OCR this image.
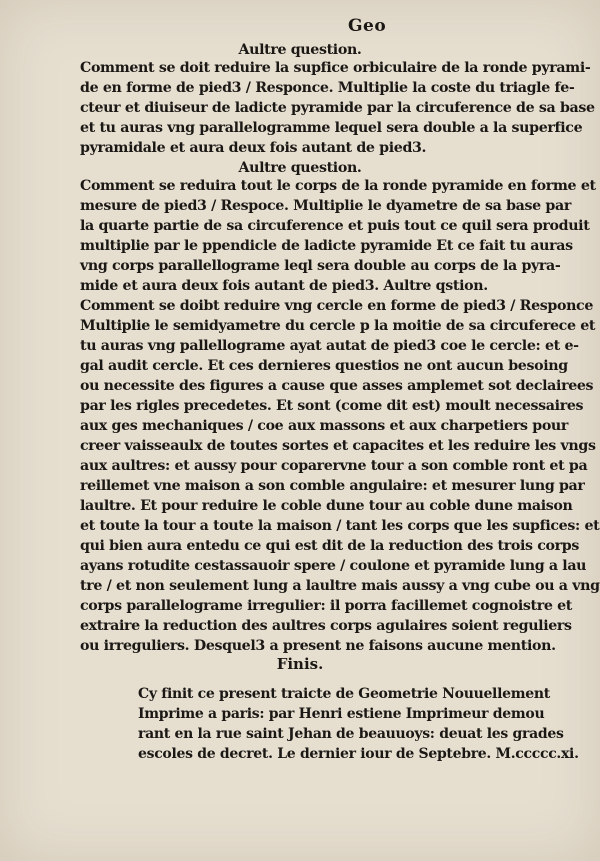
Geo
Aultre question.
Comment se doit reduire la supfice orbiculaire de la ronde pyrami-
de en forme de pied3 / Responce. Multiplie la coste du triagle fe-
cteur et diuiseur de ladicte pyramide par la circuference de sa base
et tu auras vng parallelogramme lequel sera double a la superfice
pyramidale et aura deux fois autant de pied3.
Aultre question.
Comment se reduira tout le corps de la ronde pyramide en forme et
mesure de pied3 / Respoce. Multiplie le dyametre de sa base par
la quarte partie de sa circuference et puis tout ce quil sera produit
multiplie par le ppendicle de ladicte pyramide Et ce fait tu auras
vng corps parallellograme leql sera double au corps de la pyra-
mide et aura deux fois autant de pied3. Aultre qstion.
Comment se doibt reduire vng cercle en forme de pied3 / Responce
Multiplie le semidyametre du cercle p la moitie de sa circuferece et
tu auras vng pallellograme ayat autat de pied3 coe le cercle: et e-
gal audit cercle. Et ces dernieres questios ne ont aucun besoing
ou necessite des figures a cause que asses amplemet sot declairees
par les rigles precedetes. Et sont (come dit est) moult necessaires
aux ges mechaniques / coe aux massons et aux charpetiers pour
creer vaisseaulx de toutes sortes et capacites et les reduire les vngs
aux aultres: et aussy pour coparervne tour a son comble ront et pa
reillemet vne maison a son comble angulaire: et mesurer lung par
laultre. Et pour reduire le coble dune tour au coble dune maison
et toute la tour a toute la maison / tant les corps que les supfices: et
qui bien aura entedu ce qui est dit de la reduction des trois corps
ayans rotudite cestassauoir spere / coulone et pyramide lung a lau
tre / et non seulement lung a laultre mais aussy a vng cube ou a vng
corps parallelograme irregulier: il porra facillemet cognoistre et
extraire la reduction des aultres corps agulaires soient reguliers
ou irreguliers. Desquel3 a present ne faisons aucune mention.
Finis.
Cy finit ce present traicte de Geometrie Nouuellement
Imprime a paris: par Henri estiene Imprimeur demou
rant en la rue saint Jehan de beauuoys: deuat les grades
escoles de decret. Le dernier iour de Septebre. M.ccccc.xi.
